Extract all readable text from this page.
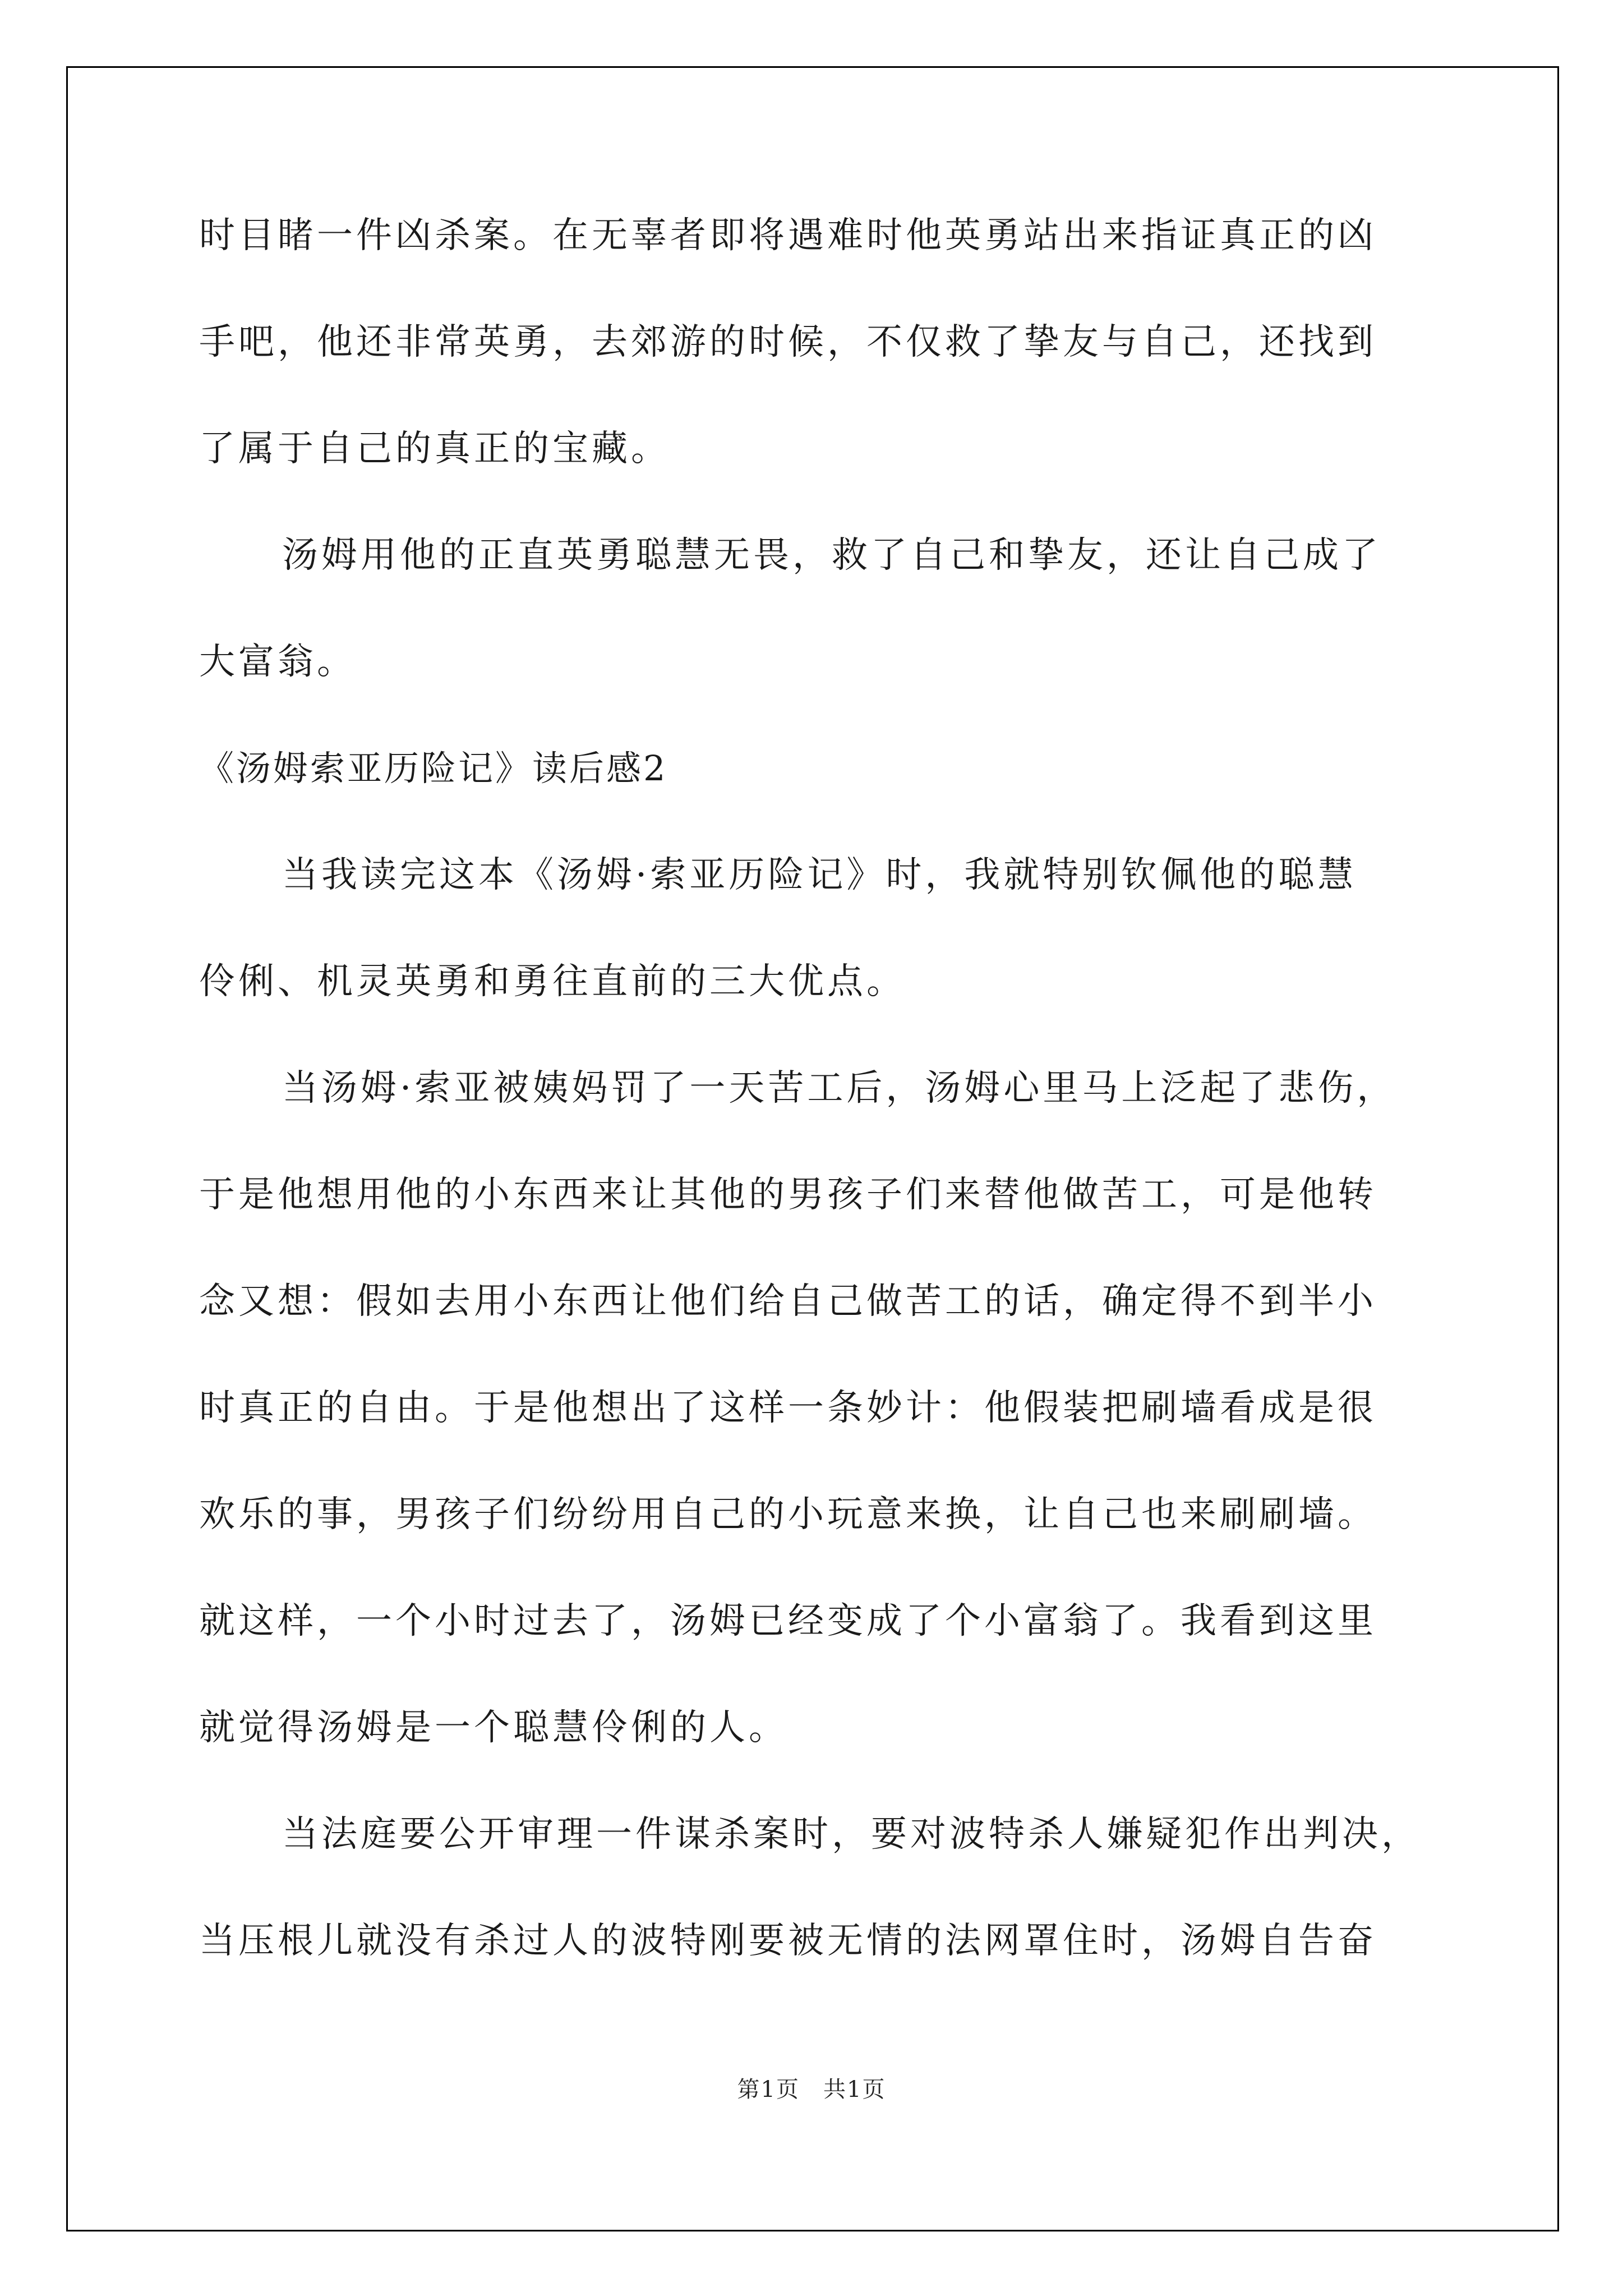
时目睹一件凶杀案。在无辜者即将遇难时他英勇站出来指证真正的凶
手吧，他还非常英勇，去郊游的时候，不仅救了挚友与自己，还找到
了属于自己的真正的宝藏。
汤姆用他的正直英勇聪慧无畏，救了自己和挚友，还让自己成了
大富翁。
《汤姆索亚历险记》读后感2
当我读完这本《汤姆·索亚历险记》时，我就特别钦佩他的聪慧
伶俐、机灵英勇和勇往直前的三大优点。
当汤姆·索亚被姨妈罚了一天苦工后，汤姆心里马上泛起了悲伤，
于是他想用他的小东西来让其他的男孩子们来替他做苦工，可是他转
念又想：假如去用小东西让他们给自己做苦工的话，确定得不到半小
时真正的自由。于是他想出了这样一条妙计：他假装把刷墙看成是很
欢乐的事，男孩子们纷纷用自己的小玩意来换，让自己也来刷刷墙。
就这样，一个小时过去了，汤姆已经变成了个小富翁了。我看到这里
就觉得汤姆是一个聪慧伶俐的人。
当法庭要公开审理一件谋杀案时，要对波特杀人嫌疑犯作出判决，
当压根儿就没有杀过人的波特刚要被无情的法网罩住时，汤姆自告奋
第1页　共1页
